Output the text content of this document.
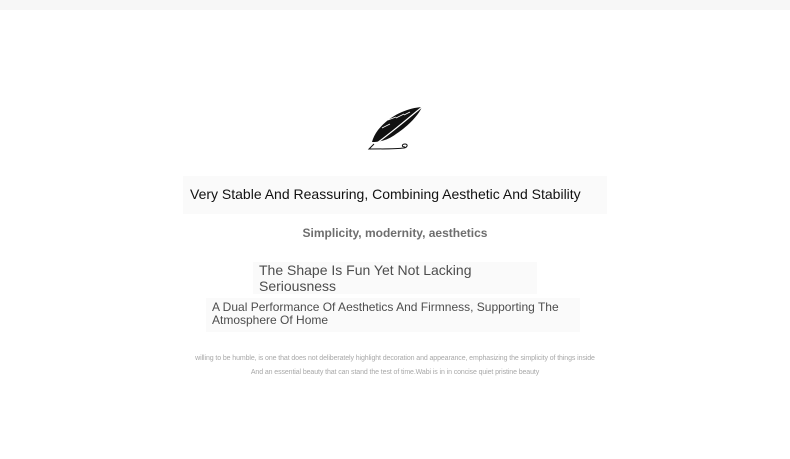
Very Stable And Reassuring, Combining Aesthetic And Stability
Simplicity, modernity, aesthetics
The Shape Is Fun Yet Not Lacking Seriousness
A Dual Performance Of Aesthetics And Firmness, Supporting The Atmosphere Of Home
willing to be humble, is one that does not deliberately highlight decoration and appearance, emphasizing the simplicity of things inside
And an essential beauty that can stand the test of time.Wabi is in in concise quiet pristine beauty
